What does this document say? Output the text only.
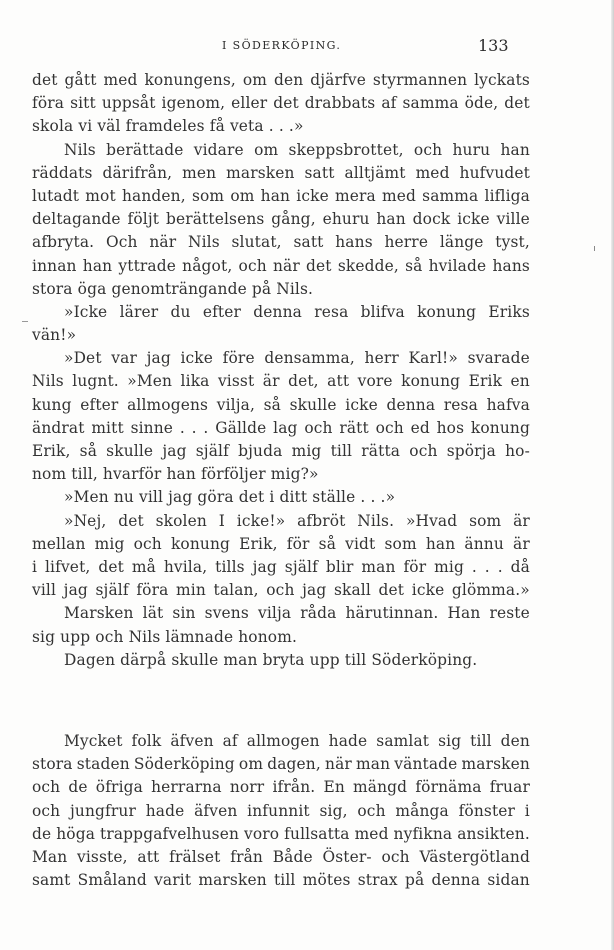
I SÖDERKÖPING.	133
det gått med konungens, om den djärfve styrmannen lyckats
föra sitt uppsåt igenom, eller det drabbats af samma öde, det
skola vi väl framdeles få veta . . .»
Nils berättade vidare om skeppsbrottet, och huru han
räddats därifrån, men marsken satt alltjämt med hufvudet
lutadt mot handen, som om han icke mera med samma lifliga
deltagande följt berättelsens gång, ehuru han dock icke ville
afbryta. Och när Nils slutat, satt hans herre länge tyst,
innan han yttrade något, och när det skedde, så hvilade hans
stora öga genomträngande på Nils.
»Icke lärer du efter denna resa blifva konung Eriks
vän!»
»Det var jag icke före densamma, herr Karl!» svarade
Nils lugnt. »Men lika visst är det, att vore konung Erik en
kung efter allmogens vilja, så skulle icke denna resa hafva
ändrat mitt sinne . . . Gällde lag och rätt och ed hos konung
Erik, så skulle jag själf bjuda mig till rätta och spörja ho-
nom till, hvarför han förföljer mig?»
»Men nu vill jag göra det i ditt ställe . . .»
»Nej, det skolen I icke!» afbröt Nils. »Hvad som är
mellan mig och konung Erik, för så vidt som han ännu är
i lifvet, det må hvila, tills jag själf blir man för mig . . . då
vill jag själf föra min talan, och jag skall det icke glömma.»
Marsken lät sin svens vilja råda härutinnan. Han reste
sig upp och Nils lämnade honom.
Dagen därpå skulle man bryta upp till Söderköping.
Mycket folk äfven af allmogen hade samlat sig till den
stora staden Söderköping om dagen, när man väntade marsken
och de öfriga herrarna norr ifrån. En mängd förnäma fruar
och jungfrur hade äfven infunnit sig, och många fönster i
de höga trappgafvelhusen voro fullsatta med nyfikna ansikten.
Man visste, att frälset från Både Öster- och Västergötland
samt Småland varit marsken till mötes strax på denna sidan
